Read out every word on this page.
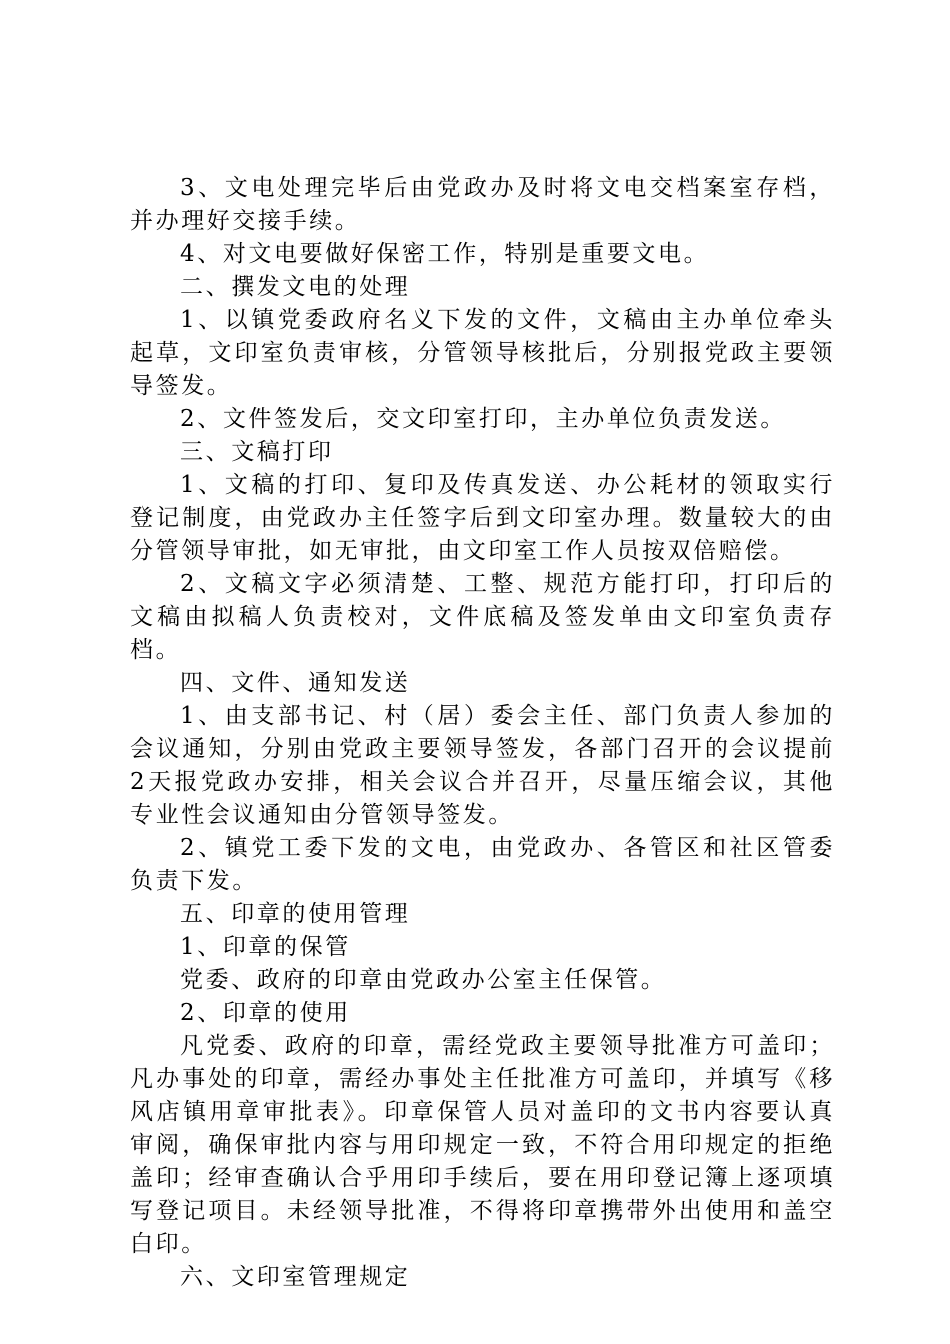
3、文电处理完毕后由党政办及时将文电交档案室存档，并办理好交接手续。

4、对文电要做好保密工作，特别是重要文电。

二、撰发文电的处理

1、以镇党委政府名义下发的文件，文稿由主办单位牵头起草，文印室负责审核，分管领导核批后，分别报党政主要领导签发。

2、文件签发后，交文印室打印，主办单位负责发送。

三、文稿打印

1、文稿的打印、复印及传真发送、办公耗材的领取实行登记制度，由党政办主任签字后到文印室办理。数量较大的由分管领导审批，如无审批，由文印室工作人员按双倍赔偿。

2、文稿文字必须清楚、工整、规范方能打印，打印后的文稿由拟稿人负责校对，文件底稿及签发单由文印室负责存档。

四、文件、通知发送

1、由支部书记、村（居）委会主任、部门负责人参加的会议通知，分别由党政主要领导签发，各部门召开的会议提前2天报党政办安排，相关会议合并召开，尽量压缩会议，其他专业性会议通知由分管领导签发。

2、镇党工委下发的文电，由党政办、各管区和社区管委负责下发。

五、印章的使用管理

1、印章的保管

党委、政府的印章由党政办公室主任保管。

2、印章的使用

凡党委、政府的印章，需经党政主要领导批准方可盖印；凡办事处的印章，需经办事处主任批准方可盖印，并填写《移风店镇用章审批表》。印章保管人员对盖印的文书内容要认真审阅，确保审批内容与用印规定一致，不符合用印规定的拒绝盖印；经审查确认合乎用印手续后，要在用印登记簿上逐项填写登记项目。未经领导批准，不得将印章携带外出使用和盖空白印。

六、文印室管理规定
